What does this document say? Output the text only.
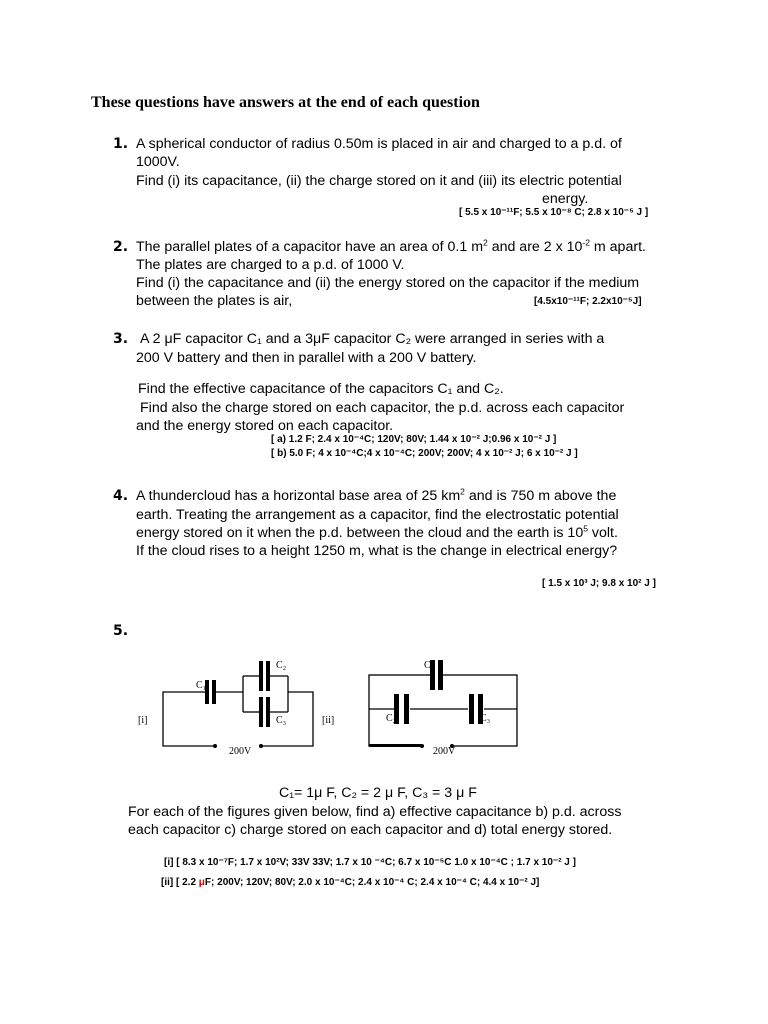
These questions have answers at the end of each question
1. A spherical conductor of radius 0.50m is placed in air and charged to a p.d. of
1000V.
Find (i) its capacitance, (ii) the charge stored on it and (iii) its electric potential
energy.
[ 5.5 x 10⁻¹¹F; 5.5 x 10⁻⁸ C; 2.8 x 10⁻⁵ J ]
2. The parallel plates of a capacitor have an area of 0.1 $m^2$ and are 2 x $10^{-2}$ m apart.
The plates are charged to a p.d. of 1000 V.
Find (i) the capacitance and (ii) the energy stored on the capacitor if the medium
between the plates is air,	[4.5x10⁻¹¹F; 2.2x10⁻⁵J]
3. A 2 μF capacitor C₁ and a 3μF capacitor C₂ were arranged in series with a
200 V battery and then in parallel with a 200 V battery.
Find the effective capacitance of the capacitors C₁ and C₂.
Find also the charge stored on each capacitor, the p.d. across each capacitor
and the energy stored on each capacitor.
[ a) 1.2 F; 2.4 x 10⁻⁴C; 120V; 80V; 1.44 x 10⁻² J;0.96 x 10⁻² J ]
[ b) 5.0 F; 4 x 10⁻⁴C;4 x 10⁻⁴C; 200V; 200V; 4 x 10⁻² J; 6 x 10⁻² J ]
4. A thundercloud has a horizontal base area of 25 $km^2$ and is 750 m above the
earth. Treating the arrangement as a capacitor, find the electrostatic potential
energy stored on it when the p.d. between the cloud and the earth is $10^5$ volt.
If the cloud rises to a height 1250 m, what is the change in electrical energy?
[ 1.5 x 10³ J; 9.8 x 10² J ]
5.
C₁
C₂
C₃
[i]
200V
C₁
C₂	C₃
[ii]
200V
C₁= 1μ F, C₂ = 2 μ F, C₃ = 3 μ F
For each of the figures given below, find a) effective capacitance b) p.d. across
each capacitor c) charge stored on each capacitor and d) total energy stored.
[i] [ 8.3 x 10⁻⁷F; 1.7 x 10²V; 33V 33V; 1.7 x 10 ⁻⁴C; 6.7 x 10⁻⁵C 1.0 x 10⁻⁴C ; 1.7 x 10⁻² J ]
[ii] [ 2.2 μF; 200V; 120V; 80V; 2.0 x 10⁻⁴C; 2.4 x 10⁻⁴ C; 2.4 x 10⁻⁴ C; 4.4 x 10⁻² J]
